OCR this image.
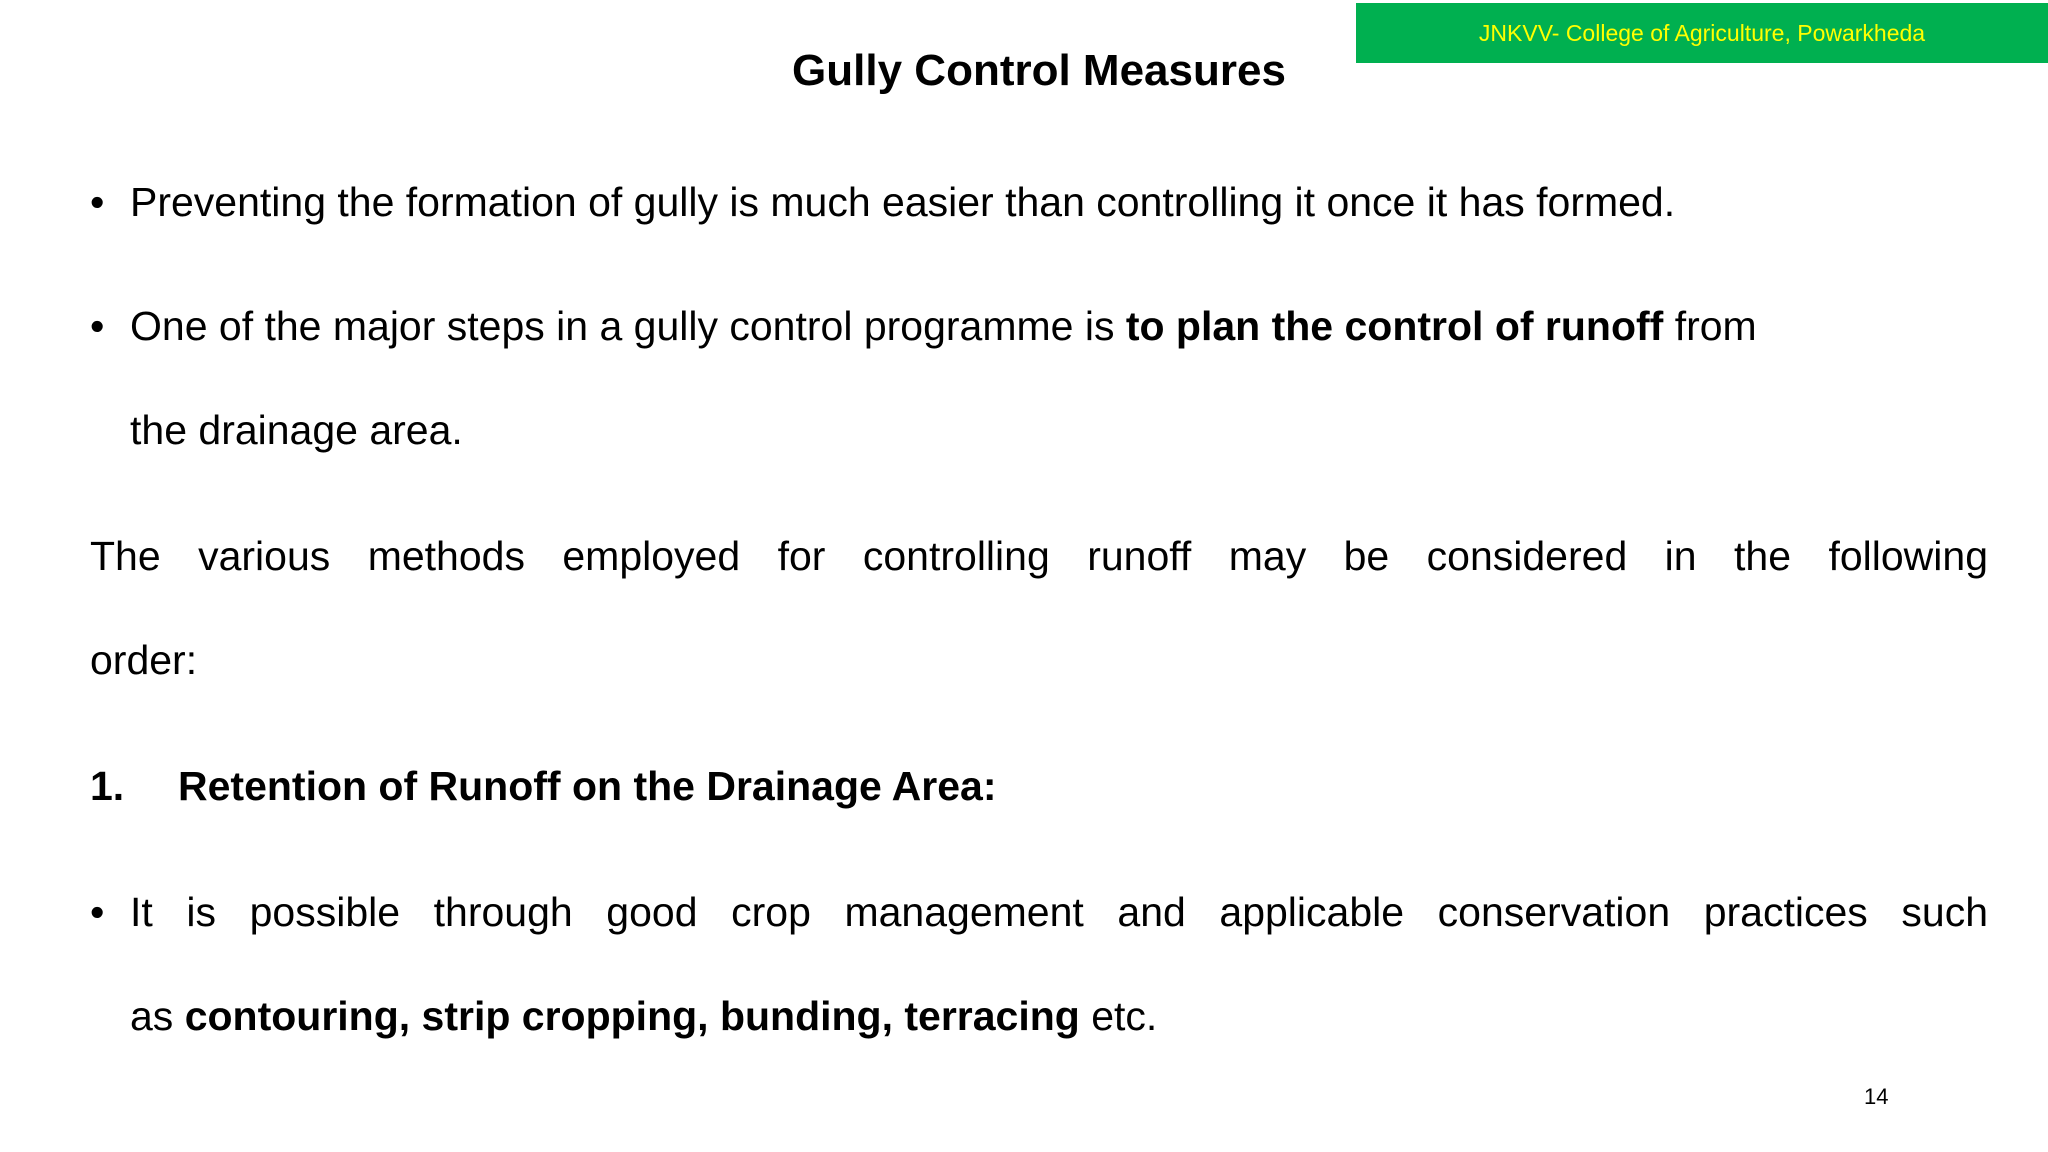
JNKVV- College of Agriculture, Powarkheda
Gully Control Measures
• Preventing the formation of gully is much easier than controlling it once it has formed.
• One of the major steps in a gully control programme is to plan the control of runoff from
the drainage area.
The various methods employed for controlling runoff may be considered in the following
order:
1. Retention of Runoff on the Drainage Area:
• It is possible through good crop management and applicable conservation practices such
as contouring, strip cropping, bunding, terracing etc.
14
